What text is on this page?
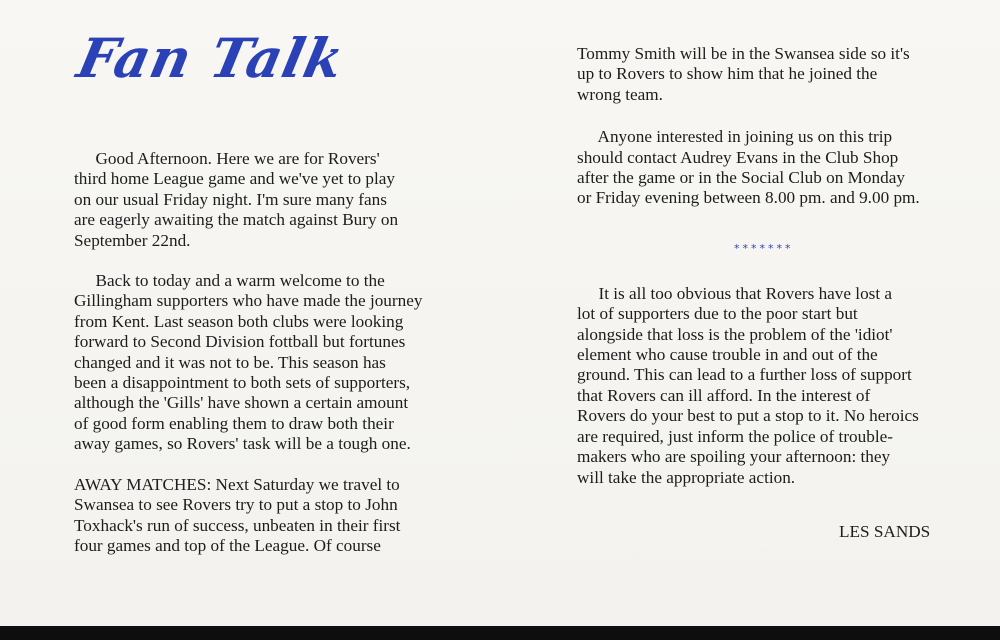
Fan Talk

Good Afternoon. Here we are for Rovers'

third home League game and we've yet to play

on our usual Friday night. I'm sure many fans

are eagerly awaiting the match against Bury on

September 22nd.

Back to today and a warm welcome to the

Gillingham supporters who have made the journey

from Kent. Last season both clubs were looking

forward to Second Division fottball but fortunes

changed and it was not to be. This season has

been a disappointment to both sets of supporters,

although the 'Gills' have shown a certain amount

of good form enabling them to draw both their

away games, so Rovers' task will be a tough one.

AWAY MATCHES: Next Saturday we travel to

Swansea to see Rovers try to put a stop to John

Toxhack's run of success, unbeaten in their first

four games and top of the League. Of course

Tommy Smith will be in the Swansea side so it's

up to Rovers to show him that he joined the

wrong team.

Anyone interested in joining us on this trip

should contact Audrey Evans in the Club Shop

after the game or in the Social Club on Monday

or Friday evening between 8.00 pm. and 9.00 pm.

*******

It is all too obvious that Rovers have lost a

lot of supporters due to the poor start but

alongside that loss is the problem of the 'idiot'

element who cause trouble in and out of the

ground. This can lead to a further loss of support

that Rovers can ill afford. In the interest of

Rovers do your best to put a stop to it. No heroics

are required, just inform the police of trouble-

makers who are spoiling your afternoon: they

will take the appropriate action.

LES SANDS
